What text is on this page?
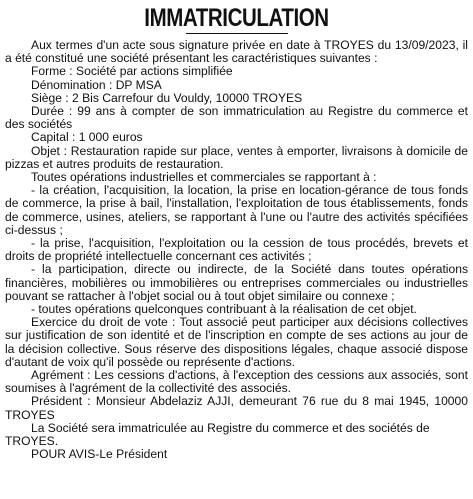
IMMATRICULATION

Aux termes d'un acte sous signature privée en date à TROYES du 13/09/2023, il a été constitué une société présentant les caractéristiques suivantes :

Forme : Société par actions simplifiée

Dénomination : DP MSA

Siège : 2 Bis Carrefour du Vouldy, 10000 TROYES

Durée : 99 ans à compter de son immatriculation au Registre du commerce et des sociétés

Capital : 1 000 euros

Objet : Restauration rapide sur place, ventes à emporter, livraisons à domicile de pizzas et autres produits de restauration.

Toutes opérations industrielles et commerciales se rapportant à :

- la création, l'acquisition, la location, la prise en location-gérance de tous fonds de commerce, la prise à bail, l'installation, l'exploitation de tous établissements, fonds de commerce, usines, ateliers, se rapportant à l'une ou l'autre des activités spécifiées ci-dessus ;

- la prise, l'acquisition, l'exploitation ou la cession de tous procédés, brevets et droits de propriété intellectuelle concernant ces activités ;

- la participation, directe ou indirecte, de la Société dans toutes opérations financières, mobilières ou immobilières ou entreprises commerciales ou industrielles pouvant se rattacher à l'objet social ou à tout objet similaire ou connexe ;

- toutes opérations quelconques contribuant à la réalisation de cet objet.

Exercice du droit de vote : Tout associé peut participer aux décisions collectives sur justification de son identité et de l'inscription en compte de ses actions au jour de la décision collective. Sous réserve des dispositions légales, chaque associé dispose d'autant de voix qu'il possède ou représente d'actions.

Agrément : Les cessions d'actions, à l'exception des cessions aux associés, sont soumises à l'agrément de la collectivité des associés.

Président : Monsieur Abdelaziz AJJI, demeurant 76 rue du 8 mai 1945, 10000 TROYES

La Société sera immatriculée au Registre du commerce et des sociétés de TROYES.

POUR AVIS-Le Président
